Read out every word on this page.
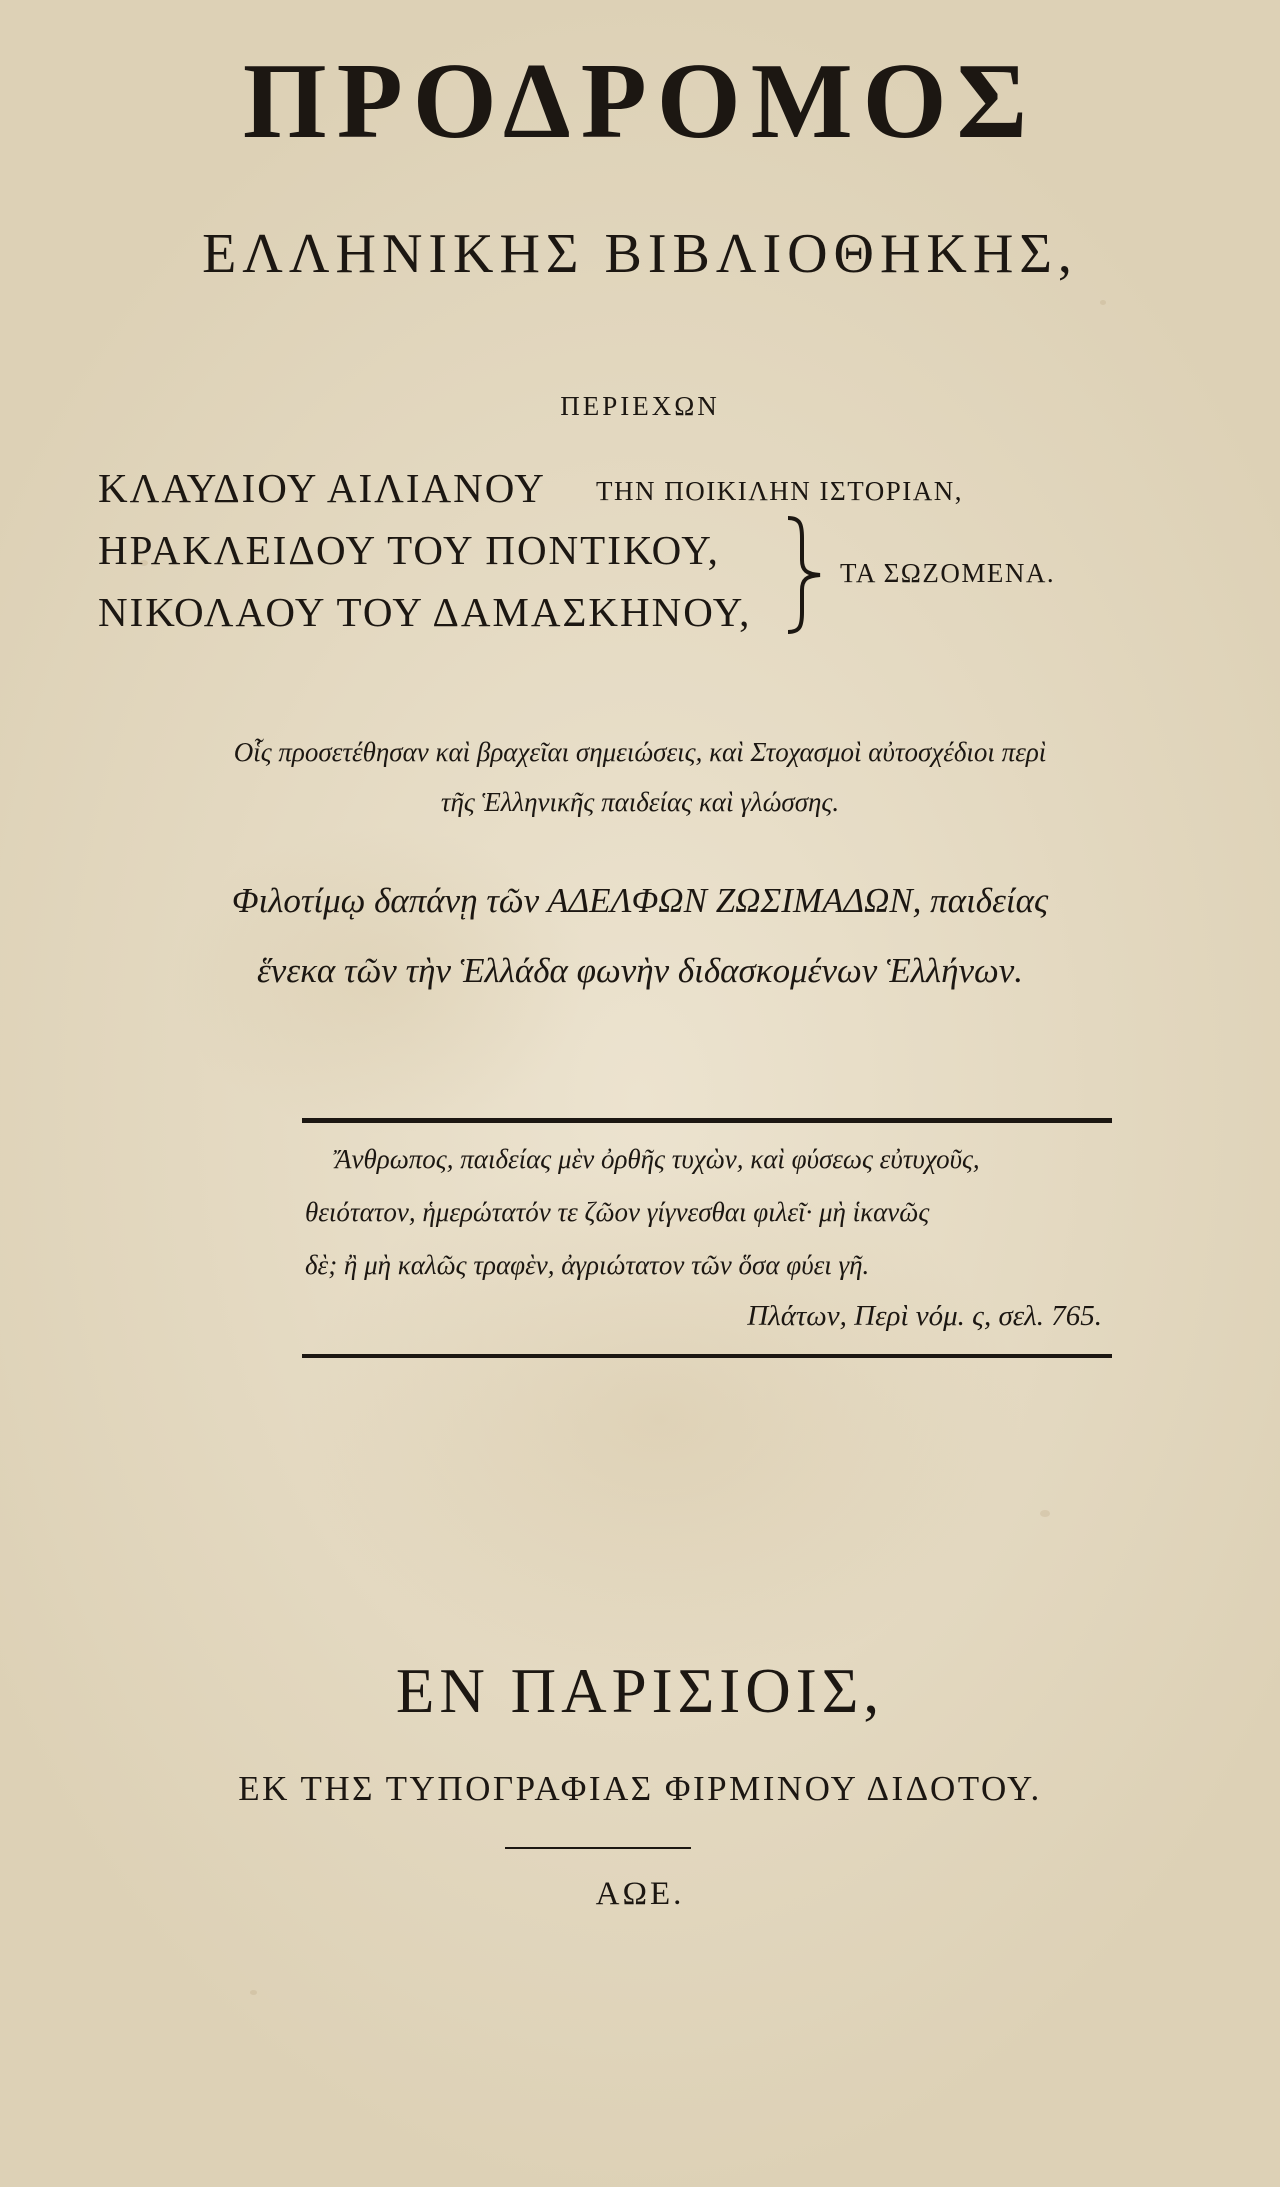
ΠΡΟΔΡΟΜΟΣ

ΕΛΛΗΝΙΚΗΣ ΒΙΒΛΙΟΘΗΚΗΣ,

ΠΕΡΙΕΧΩΝ

ΚΛΑΥΔΙΟΥ ΑΙΛΙΑΝΟΥ ΤΗΝ ΠΟΙΚΙΛΗΝ ΙΣΤΟΡΙΑΝ,
ΗΡΑΚΛΕΙΔΟΥ ΤΟΥ ΠΟΝΤΙΚΟΥ,
ΝΙΚΟΛΑΟΥ ΤΟΥ ΔΑΜΑΣΚΗΝΟΥ,
ΤΑ ΣΩΖΟΜΕΝΑ.

Οἷς προσετέθησαν καὶ βραχεῖαι σημειώσεις, καὶ Στοχασμοὶ αὐτοσχέδιοι περὶ

τῆς Ἑλληνικῆς παιδείας καὶ γλώσσης.

Φιλοτίμῳ δαπάνῃ τῶν ΑΔΕΛΦΩΝ ΖΩΣΙΜΑΔΩΝ, παιδείας

ἕνεκα τῶν τὴν Ἑλλάδα φωνὴν διδασκομένων Ἑλλήνων.

Ἄνθρωπος, παιδείας μὲν ὀρθῆς τυχὼν, καὶ φύσεως εὐτυχοῦς,
θειότατον, ἡμερώτατόν τε ζῶον γίγνεσθαι φιλεῖ· μὴ ἱκανῶς
δὲ; ἢ μὴ καλῶς τραφὲν, ἀγριώτατον τῶν ὅσα φύει γῆ.
Πλάτων, Περὶ νόμ. ς, σελ. 765.

ΕΝ ΠΑΡΙΣΙΟΙΣ,

ΕΚ ΤΗΣ ΤΥΠΟΓΡΑΦΙΑΣ ΦΙΡΜΙΝΟΥ ΔΙΔΟΤΟΥ.

ΑΩΕ.
